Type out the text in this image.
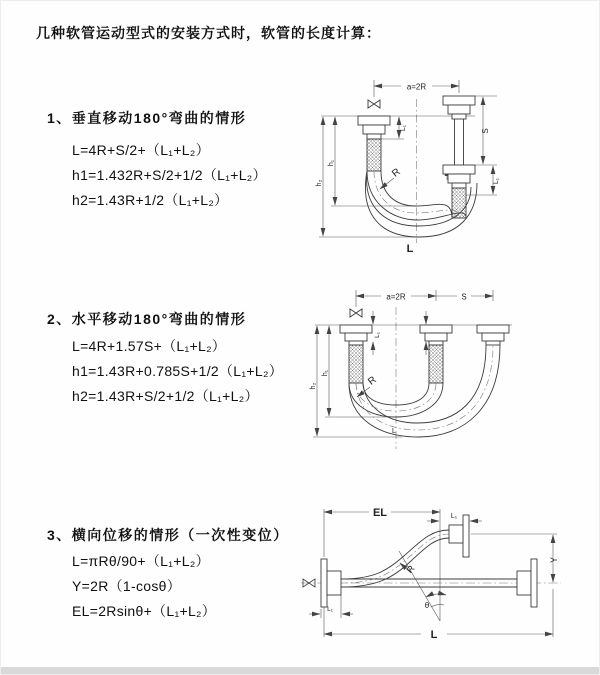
几种软管运动型式的安装方式时，软管的长度计算：
1、垂直移动180°弯曲的情形
L=4R+S/2+（L₁+L₂）
h1=1.432R+S/2+1/2（L₁+L₂）
h2=1.43R+1/2（L₁+L₂）
2、水平移动180°弯曲的情形
L=4R+1.57S+（L₁+L₂）
h1=1.43R+0.785S+1/2（L₁+L₂）
h2=1.43R+S/2+1/2（L₁+L₂）
3、横向位移的情形（一次性变位）
L=πRθ/90+（L₁+L₂）
Y=2R（1-cosθ）
EL=2Rsinθ+（L₁+L₂）
a=2R
h₂
h₁
L₁	S
L₁
R
L
a=2R	S
h₂
h₁
L₁
R
L
EL	L₁
Y
R
θ
L
L₁
